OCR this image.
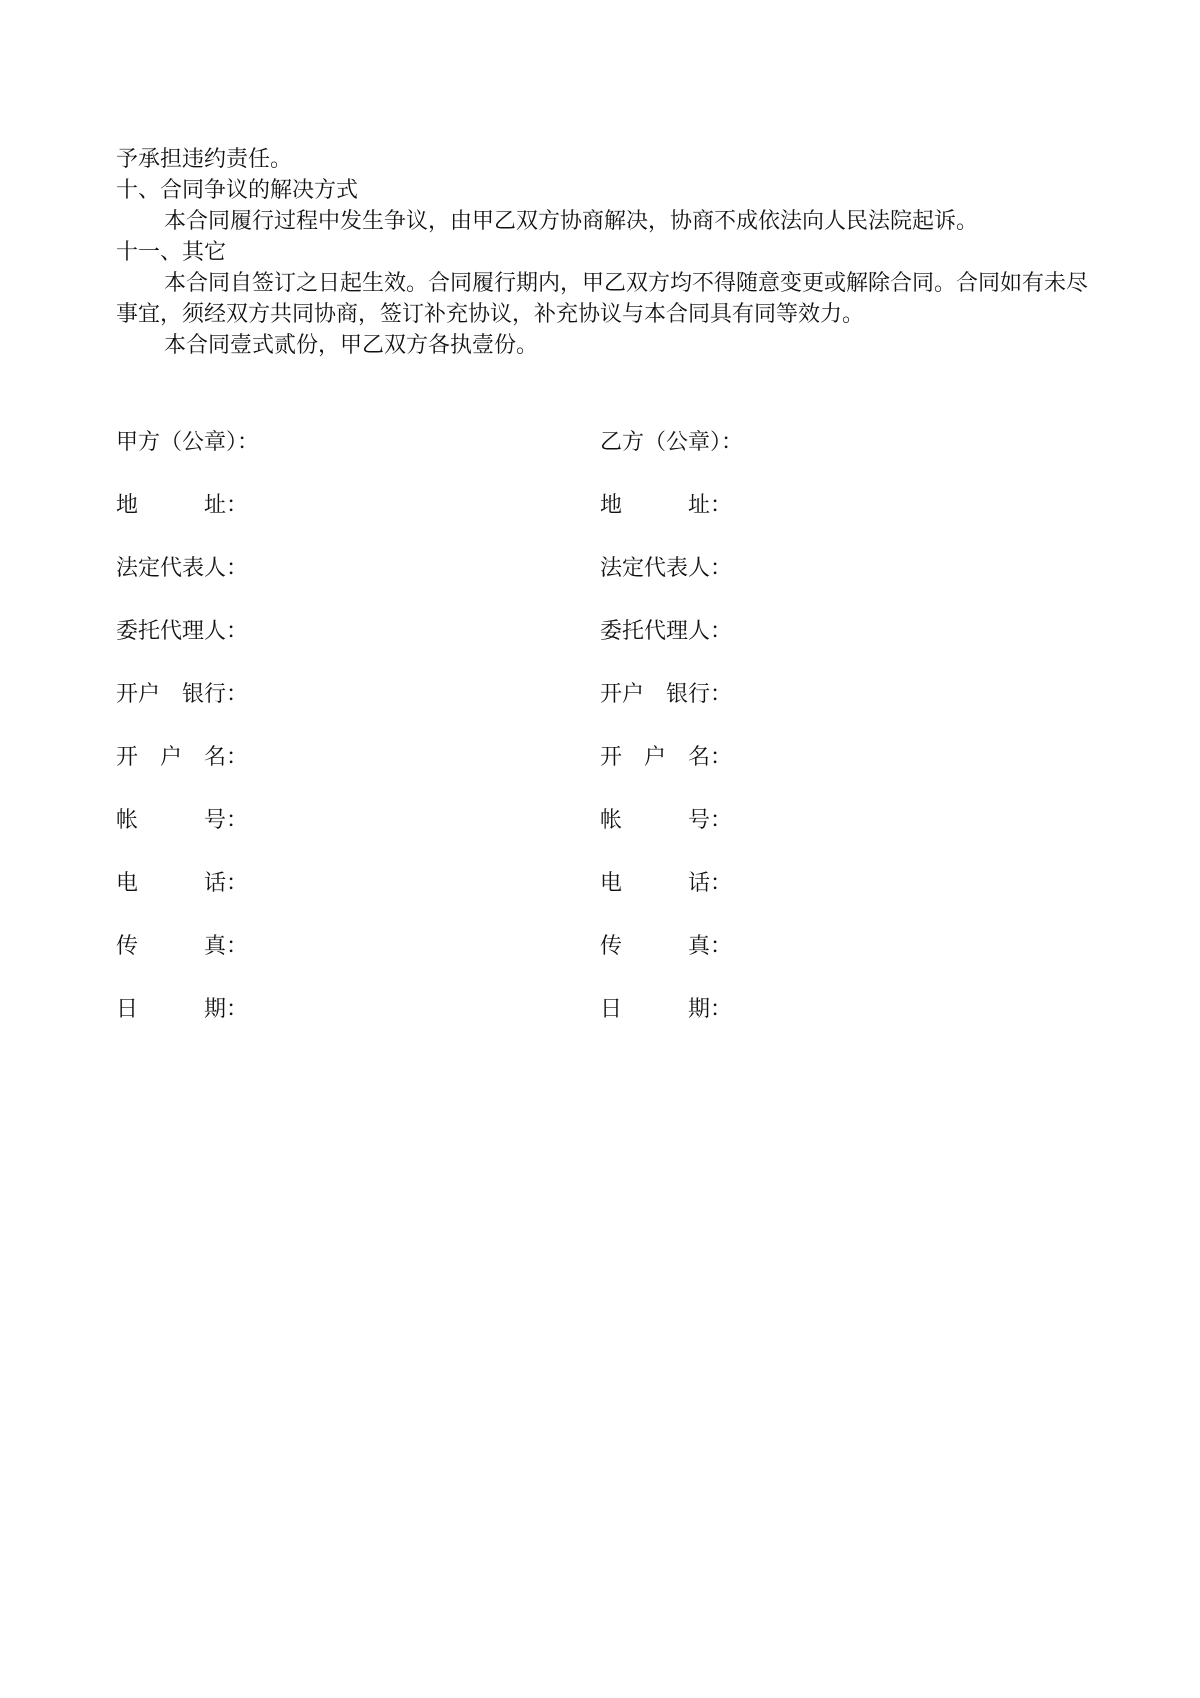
予承担违约责任。

十、合同争议的解决方式

本合同履行过程中发生争议，由甲乙双方协商解决，协商不成依法向人民法院起诉。

十一、其它

本合同自签订之日起生效。合同履行期内，甲乙双方均不得随意变更或解除合同。合同如有未尽事宜，须经双方共同协商，签订补充协议，补充协议与本合同具有同等效力。

本合同壹式贰份，甲乙双方各执壹份。

甲方（公章）：
地　　　址：
法定代表人：
委托代理人：
开户　银行：
开　户　名：
帐　　　号：
电　　　话：
传　　　真：
日　　　期：
乙方（公章）：
地　　　址：
法定代表人：
委托代理人：
开户　银行：
开　户　名：
帐　　　号：
电　　　话：
传　　　真：
日　　　期：
